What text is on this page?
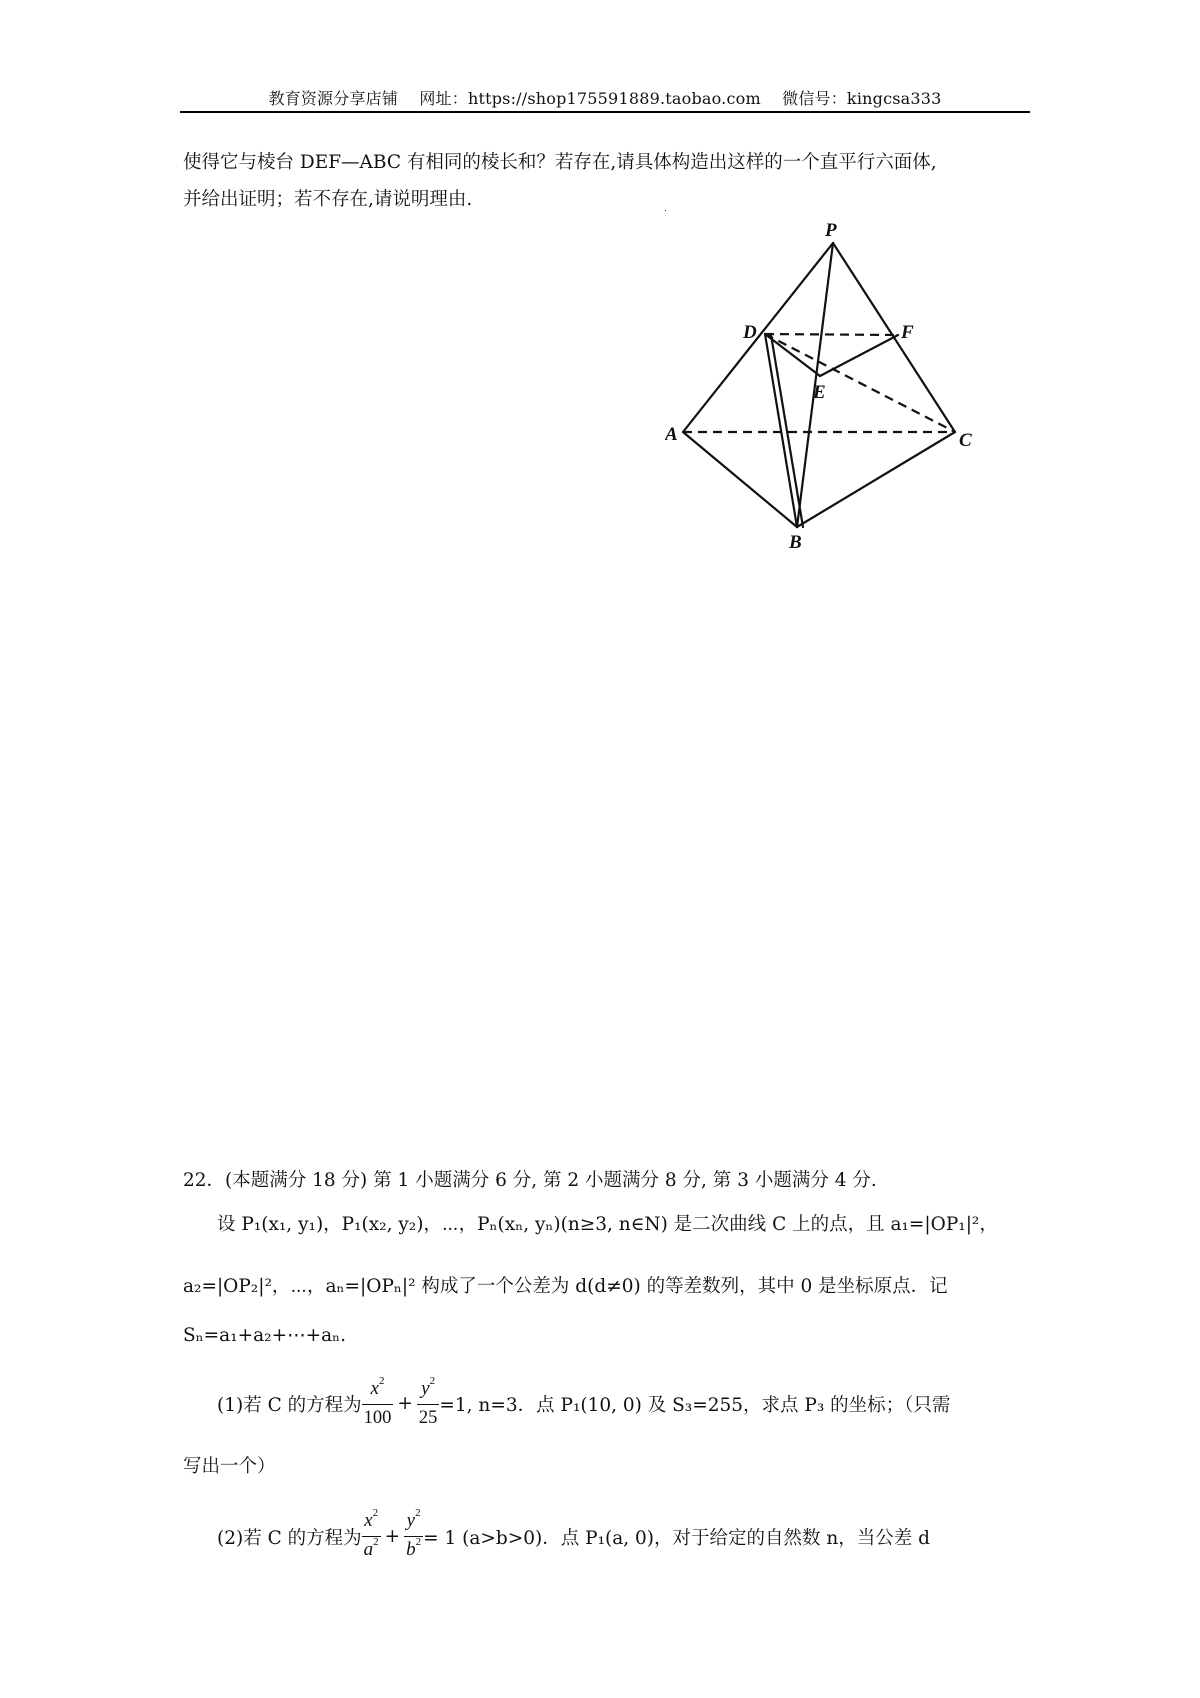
教育资源分享店铺 网址：https://shop175591889.taobao.com 微信号：kingcsa333
使得它与棱台 DEF—ABC 有相同的棱长和？若存在,请具体构造出这样的一个直平行六面体,
并给出证明；若不存在,请说明理由.
P
D	F
E
A	C
B
22．(本题满分 18 分) 第 1 小题满分 6 分, 第 2 小题满分 8 分, 第 3 小题满分 4 分.
设 P₁(x₁, y₁)，P₁(x₂, y₂)，⋯，Pₙ(xₙ, yₙ)(n≥3, n∈N) 是二次曲线 C 上的点，且 a₁=|OP₁|²，
a₂=|OP₂|²，⋯，aₙ=|OPₙ|² 构成了一个公差为 d(d≠0) 的等差数列，其中 0 是坐标原点．记
Sₙ=a₁+a₂+⋯+aₙ.
(1)若 C 的方程为 $\frac{x^2}{100} + \frac{y^2}{25} =1$, n=3．点 P₁(10, 0) 及 S₃=255，求点 P₃ 的坐标；（只需
写出一个）
(2)若 C 的方程为 $\frac{x^2}{a^2} + \frac{y^2}{b^2} = 1$ (a>b>0)．点 P₁(a, 0)，对于给定的自然数 n，当公差 d
